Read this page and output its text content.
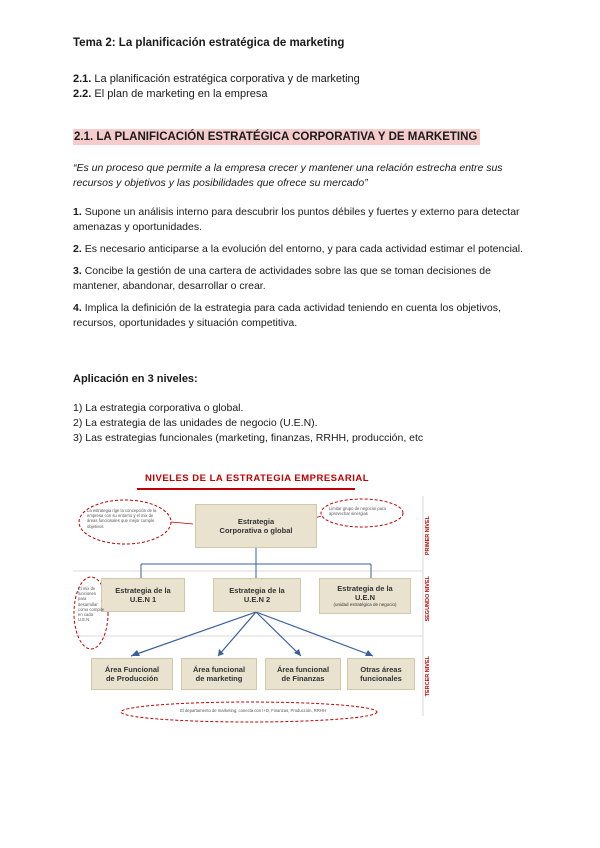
Tema 2: La planificación estratégica de marketing
2.1. La planificación estratégica corporativa y de marketing
2.2. El plan de marketing en la empresa
2.1. LA PLANIFICACIÓN ESTRATÉGICA CORPORATIVA Y DE MARKETING
“Es un proceso que permite a la empresa crecer y mantener una relación estrecha entre sus recursos y objetivos y las posibilidades que ofrece su mercado”
1. Supone un análisis interno para descubrir los puntos débiles y fuertes y externo para detectar amenazas y oportunidades.
2. Es necesario anticiparse a la evolución del entorno, y para cada actividad estimar el potencial.
3. Concibe la gestión de una cartera de actividades sobre las que se toman decisiones de mantener, abandonar, desarrollar o crear.
4. Implica la definición de la estrategia para cada actividad teniendo en cuenta los objetivos, recursos, oportunidades y situación competitiva.
Aplicación en 3 niveles:
1) La estrategia corporativa o global.
2) La estrategia de las unidades de negocio (U.E.N).
3) Las estrategias funcionales (marketing, finanzas, RRHH, producción, etc
NIVELES DE LA ESTRATEGIA EMPRESARIAL
Estrategia
Corporativa o global
Estrategia de la
U.E.N 1
Estrategia de la
U.E.N 2
Estrategia de la
U.E.N
(unidad estratégica de negocio)
Área Funcional
de Producción
Área funcional
de marketing
Área funcional
de Finanzas
Otras áreas
funcionales
La estrategia rige la concepción de la empresa con su entorno y el mix de áreas funcionales que mejor cumple objetivos
Limitar grupo de negocio/ para aprovechar sinergias
El mix de funciones para desarrollar como compite en cada U.E.N
El departamento de marketing, conecta con I+D, Finanzas, Producción, RRHH
PRIMER NIVEL
SEGUNDO NIVEL
TERCER NIVEL
